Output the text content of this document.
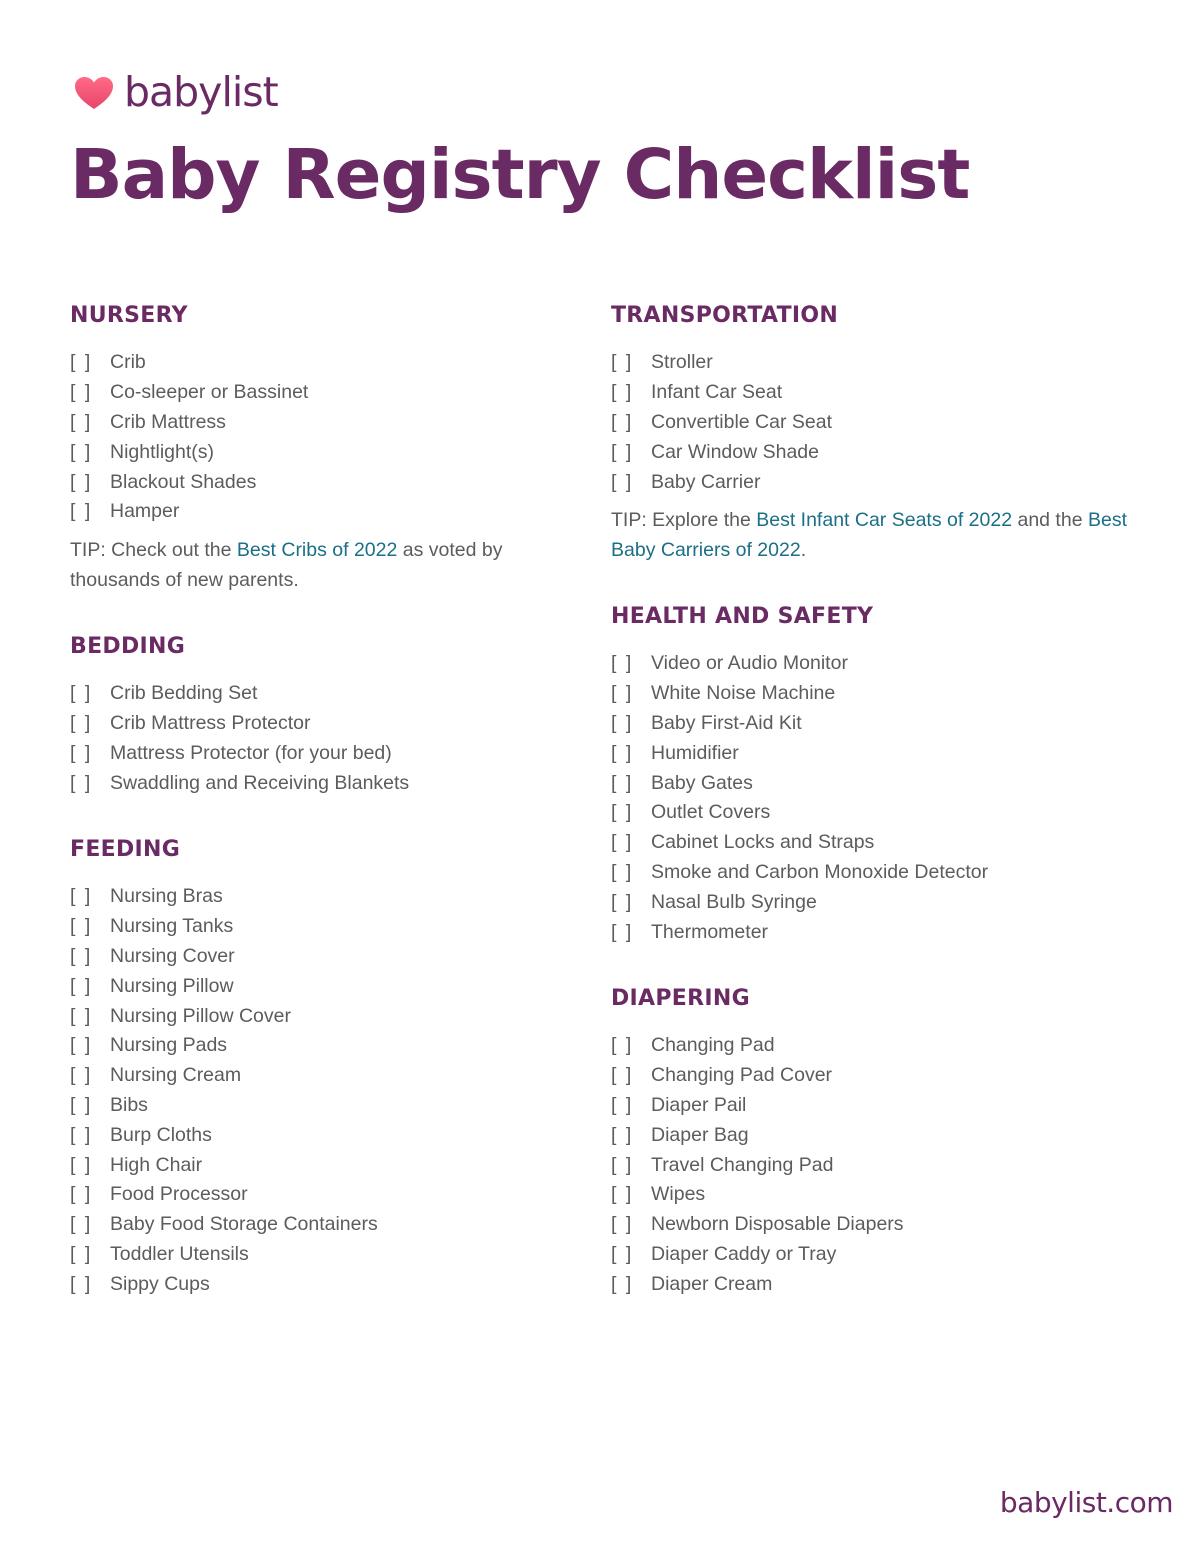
babylist
Baby Registry Checklist
NURSERY
[ ] Crib
[ ] Co-sleeper or Bassinet
[ ] Crib Mattress
[ ] Nightlight(s)
[ ] Blackout Shades
[ ] Hamper

TIP: Check out the Best Cribs of 2022 as voted by thousands of new parents.

BEDDING
[ ] Crib Bedding Set
[ ] Crib Mattress Protector
[ ] Mattress Protector (for your bed)
[ ] Swaddling and Receiving Blankets
FEEDING
[ ] Nursing Bras
[ ] Nursing Tanks
[ ] Nursing Cover
[ ] Nursing Pillow
[ ] Nursing Pillow Cover
[ ] Nursing Pads
[ ] Nursing Cream
[ ] Bibs
[ ] Burp Cloths
[ ] High Chair
[ ] Food Processor
[ ] Baby Food Storage Containers
[ ] Toddler Utensils
[ ] Sippy Cups
TRANSPORTATION
[ ] Stroller
[ ] Infant Car Seat
[ ] Convertible Car Seat
[ ] Car Window Shade
[ ] Baby Carrier

TIP: Explore the Best Infant Car Seats of 2022 and the Best Baby Carriers of 2022.

HEALTH AND SAFETY
[ ] Video or Audio Monitor
[ ] White Noise Machine
[ ] Baby First-Aid Kit
[ ] Humidifier
[ ] Baby Gates
[ ] Outlet Covers
[ ] Cabinet Locks and Straps
[ ] Smoke and Carbon Monoxide Detector
[ ] Nasal Bulb Syringe
[ ] Thermometer
DIAPERING
[ ] Changing Pad
[ ] Changing Pad Cover
[ ] Diaper Pail
[ ] Diaper Bag
[ ] Travel Changing Pad
[ ] Wipes
[ ] Newborn Disposable Diapers
[ ] Diaper Caddy or Tray
[ ] Diaper Cream
babylist.com
